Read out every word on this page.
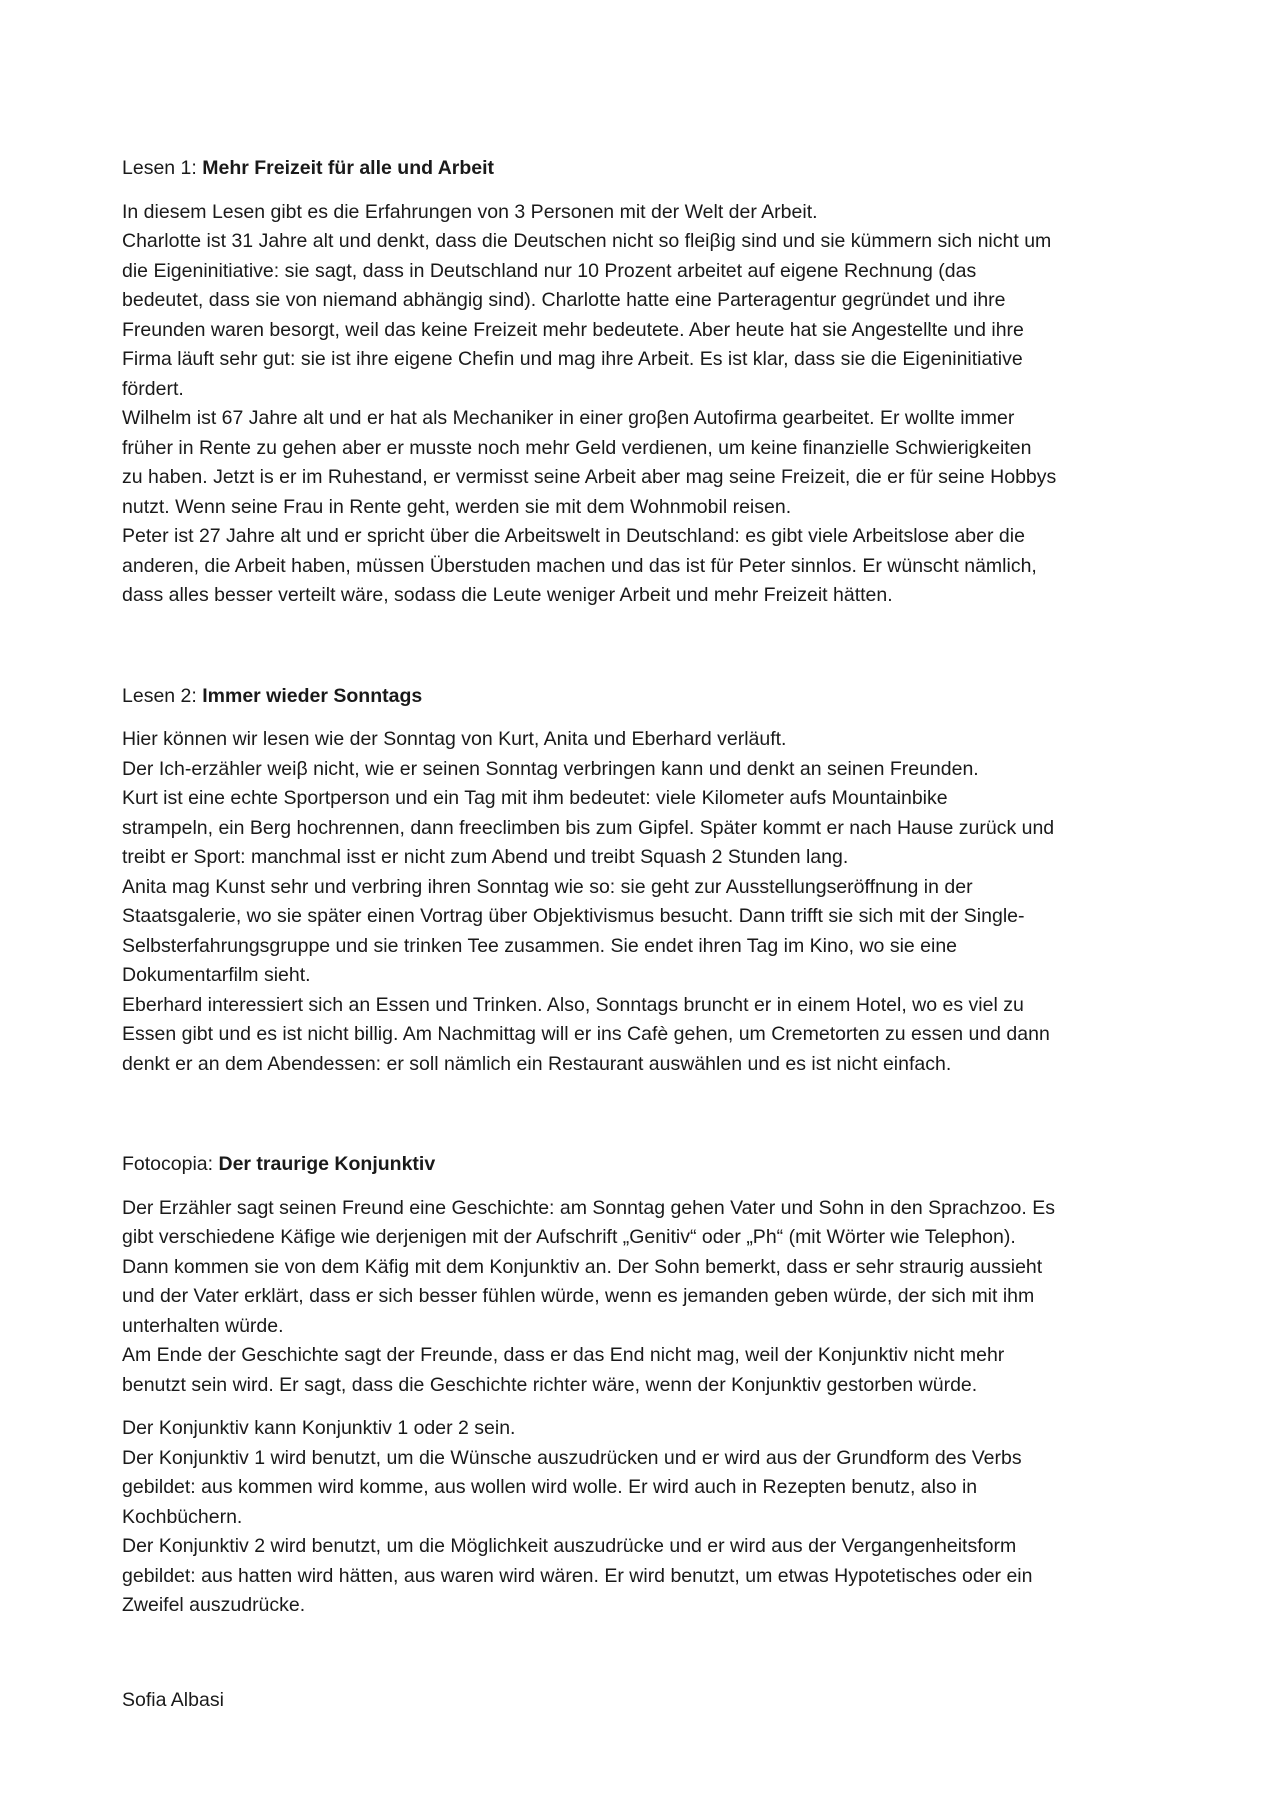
Lesen 1: Mehr Freizeit für alle und Arbeit

In diesem Lesen gibt es die Erfahrungen von 3 Personen mit der Welt der Arbeit.
Charlotte ist 31 Jahre alt und denkt, dass die Deutschen nicht so fleiβig sind und sie kümmern sich nicht um
die Eigeninitiative: sie sagt, dass in Deutschland nur 10 Prozent arbeitet auf eigene Rechnung (das
bedeutet, dass sie von niemand abhängig sind). Charlotte hatte eine Parteragentur gegründet und ihre
Freunden waren besorgt, weil das keine Freizeit mehr bedeutete. Aber heute hat sie Angestellte und ihre
Firma läuft sehr gut: sie ist ihre eigene Chefin und mag ihre Arbeit. Es ist klar, dass sie die Eigeninitiative
fördert.
Wilhelm ist 67 Jahre alt und er hat als Mechaniker in einer groβen Autofirma gearbeitet. Er wollte immer
früher in Rente zu gehen aber er musste noch mehr Geld verdienen, um keine finanzielle Schwierigkeiten
zu haben. Jetzt is er im Ruhestand, er vermisst seine Arbeit aber mag seine Freizeit, die er für seine Hobbys
nutzt. Wenn seine Frau in Rente geht, werden sie mit dem Wohnmobil reisen.
Peter ist 27 Jahre alt und er spricht über die Arbeitswelt in Deutschland: es gibt viele Arbeitslose aber die
anderen, die Arbeit haben, müssen Überstuden machen und das ist für Peter sinnlos. Er wünscht nämlich,
dass alles besser verteilt wäre, sodass die Leute weniger Arbeit und mehr Freizeit hätten.

Lesen 2: Immer wieder Sonntags

Hier können wir lesen wie der Sonntag von Kurt, Anita und Eberhard verläuft.
Der Ich-erzähler weiβ nicht, wie er seinen Sonntag verbringen kann und denkt an seinen Freunden.
Kurt ist eine echte Sportperson und ein Tag mit ihm bedeutet: viele Kilometer aufs Mountainbike
strampeln, ein Berg hochrennen, dann freeclimben bis zum Gipfel. Später kommt er nach Hause zurück und
treibt er Sport: manchmal isst er nicht zum Abend und treibt Squash 2 Stunden lang.
Anita mag Kunst sehr und verbring ihren Sonntag wie so: sie geht zur Ausstellungseröffnung in der
Staatsgalerie, wo sie später einen Vortrag über Objektivismus besucht. Dann trifft sie sich mit der Single-
Selbsterfahrungsgruppe und sie trinken Tee zusammen. Sie endet ihren Tag im Kino, wo sie eine
Dokumentarfilm sieht.
Eberhard interessiert sich an Essen und Trinken. Also, Sonntags bruncht er in einem Hotel, wo es viel zu
Essen gibt und es ist nicht billig. Am Nachmittag will er ins Cafè gehen, um Cremetorten zu essen und dann
denkt er an dem Abendessen: er soll nämlich ein Restaurant auswählen und es ist nicht einfach.

Fotocopia: Der traurige Konjunktiv

Der Erzähler sagt seinen Freund eine Geschichte: am Sonntag gehen Vater und Sohn in den Sprachzoo. Es
gibt verschiedene Käfige wie derjenigen mit der Aufschrift „Genitiv“ oder „Ph“ (mit Wörter wie Telephon).
Dann kommen sie von dem Käfig mit dem Konjunktiv an. Der Sohn bemerkt, dass er sehr straurig aussieht
und der Vater erklärt, dass er sich besser fühlen würde, wenn es jemanden geben würde, der sich mit ihm
unterhalten würde.
Am Ende der Geschichte sagt der Freunde, dass er das End nicht mag, weil der Konjunktiv nicht mehr
benutzt sein wird. Er sagt, dass die Geschichte richter wäre, wenn der Konjunktiv gestorben würde.

Der Konjunktiv kann Konjunktiv 1 oder 2 sein.
Der Konjunktiv 1 wird benutzt, um die Wünsche auszudrücken und er wird aus der Grundform des Verbs
gebildet: aus kommen wird komme, aus wollen wird wolle. Er wird auch in Rezepten benutz, also in
Kochbüchern.
Der Konjunktiv 2 wird benutzt, um die Möglichkeit auszudrücke und er wird aus der Vergangenheitsform
gebildet: aus hatten wird hätten, aus waren wird wären. Er wird benutzt, um etwas Hypotetisches oder ein
Zweifel auszudrücke.

Sofia Albasi
